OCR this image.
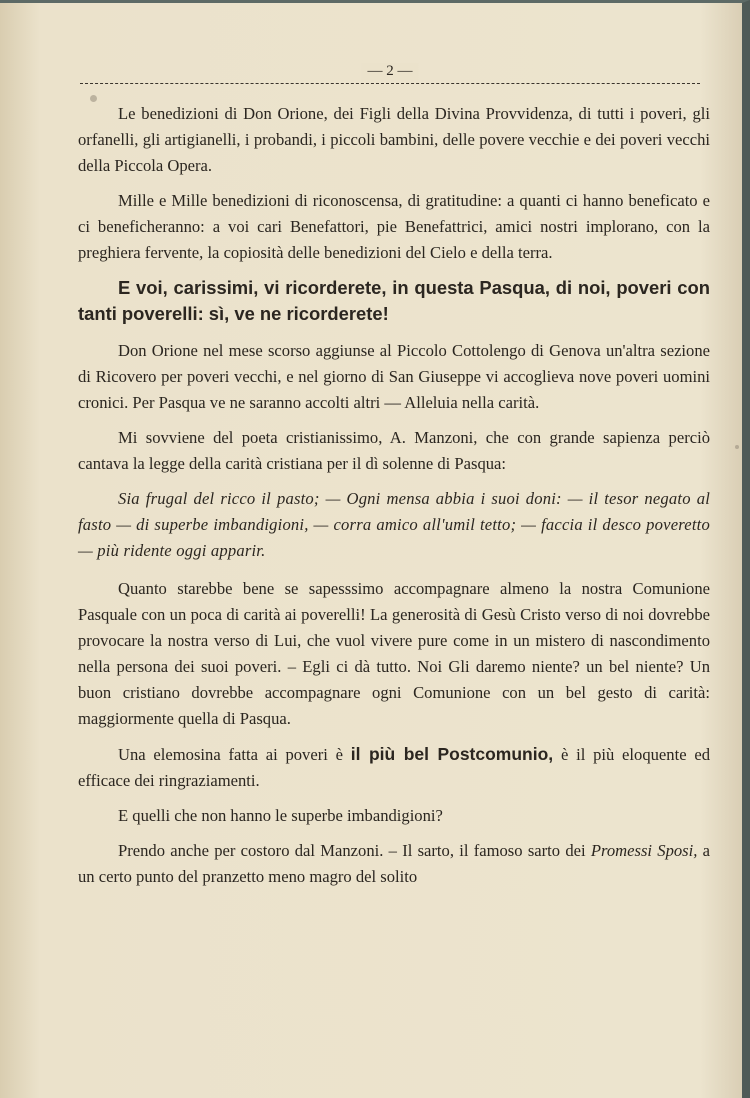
— 2 —

Le benedizioni di Don Orione, dei Figli della Divina Provvidenza, di tutti i poveri, gli orfanelli, gli artigianelli, i probandi, i piccoli bambini, delle povere vecchie e dei poveri vecchi della Piccola Opera.

Mille e Mille benedizioni di riconoscensa, di gratitudine: a quanti ci hanno beneficato e ci beneficheranno: a voi cari Benefattori, pie Benefattrici, amici nostri implorano, con la preghiera fervente, la copiosità delle benedizioni del Cielo e della terra.

E voi, carissimi, vi ricorderete, in questa Pasqua, di noi, poveri con tanti poverelli: sì, ve ne ricorderete!

Don Orione nel mese scorso aggiunse al Piccolo Cottolengo di Genova un'altra sezione di Ricovero per poveri vecchi, e nel giorno di San Giuseppe vi accoglieva nove poveri uomini cronici. Per Pasqua ve ne saranno accolti altri — Alleluia nella carità.

Mi sovviene del poeta cristianissimo, A. Manzoni, che con grande sapienza perciò cantava la legge della carità cristiana per il dì solenne di Pasqua:

Sia frugal del ricco il pasto; — Ogni mensa abbia i suoi doni: — il tesor negato al fasto — di superbe imbandigioni, — corra amico all'umil tetto; — faccia il desco poveretto — più ridente oggi apparir.

Quanto starebbe bene se sapesssimo accompagnare almeno la nostra Comunione Pasquale con un poca di carità ai poverelli! La generosità di Gesù Cristo verso di noi dovrebbe provocare la nostra verso di Lui, che vuol vivere pure come in un mistero di nascondimento nella persona dei suoi poveri. – Egli ci dà tutto. Noi Gli daremo niente? un bel niente? Un buon cristiano dovrebbe accompagnare ogni Comunione con un bel gesto di carità: maggiormente quella di Pasqua.

Una elemosina fatta ai poveri è il più bel Postcomunio, è il più eloquente ed efficace dei ringraziamenti.

E quelli che non hanno le superbe imbandigioni?

Prendo anche per costoro dal Manzoni. – Il sarto, il famoso sarto dei Promessi Sposi, a un certo punto del pranzetto meno magro del solito
